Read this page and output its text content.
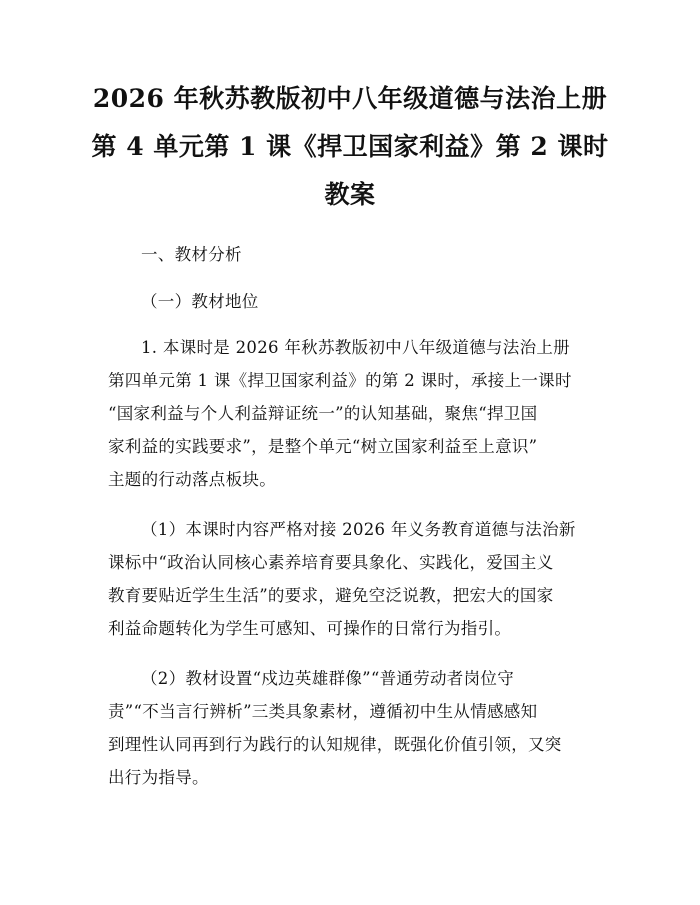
2026 年秋苏教版初中八年级道德与法治上册
第 4 单元第 1 课《捍卫国家利益》第 2 课时
教案
一、教材分析
（一）教材地位
1. 本课时是 2026 年秋苏教版初中八年级道德与法治上册
第四单元第 1 课《捍卫国家利益》的第 2 课时，承接上一课时
“国家利益与个人利益辩证统一”的认知基础，聚焦“捍卫国
家利益的实践要求”，是整个单元“树立国家利益至上意识”
主题的行动落点板块。
（1）本课时内容严格对接 2026 年义务教育道德与法治新
课标中“政治认同核心素养培育要具象化、实践化，爱国主义
教育要贴近学生生活”的要求，避免空泛说教，把宏大的国家
利益命题转化为学生可感知、可操作的日常行为指引。
（2）教材设置“戍边英雄群像”“普通劳动者岗位守
责”“不当言行辨析”三类具象素材，遵循初中生从情感感知
到理性认同再到行为践行的认知规律，既强化价值引领，又突
出行为指导。
